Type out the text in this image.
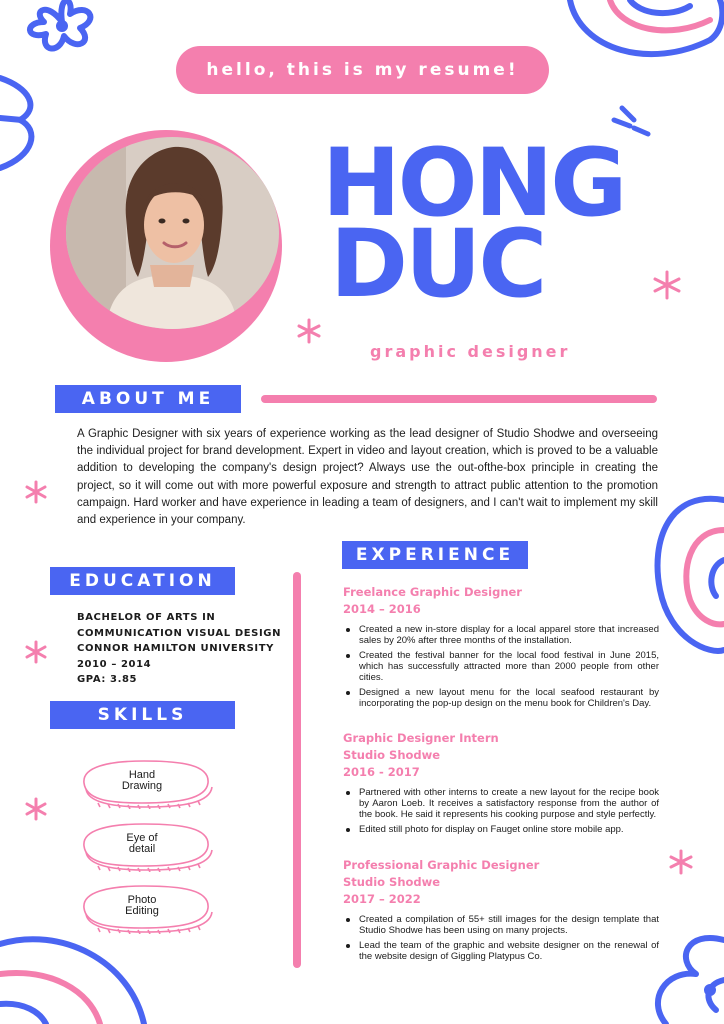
hello, this is my resume!
HONG
DUC
graphic designer
ABOUT ME

A Graphic Designer with six years of experience working as the lead designer of Studio Shodwe and overseeing the individual project for brand development. Expert in video and layout creation, which is proved to be a valuable addition to developing the company's design project? Always use the out-ofthe-box principle in creating the project, so it will come out with more powerful exposure and strength to attract public attention to the promotion campaign. Hard worker and have experience in leading a team of designers, and I can't wait to implement my skill and experience in your company.

EXPERIENCE
EDUCATION
BACHELOR OF ARTS IN
COMMUNICATION VISUAL DESIGN
CONNOR HAMILTON UNIVERSITY
2010 – 2014
GPA: 3.85
SKILLS
Hand
Drawing
Eye of
detail
Photo
Editing
Freelance Graphic Designer
2014 – 2016
Created a new in-store display for a local apparel store that increased sales by 20% after three months of the installation.
Created the festival banner for the local food festival in June 2015, which has successfully attracted more than 2000 people from other cities.
Designed a new layout menu for the local seafood restaurant by incorporating the pop-up design on the menu book for Children's Day.
Graphic Designer Intern
Studio Shodwe
2016 - 2017
Partnered with other interns to create a new layout for the recipe book by Aaron Loeb. It receives a satisfactory response from the author of the book. He said it represents his cooking purpose and style perfectly.
Edited still photo for display on Fauget online store mobile app.
Professional Graphic Designer
Studio Shodwe
2017 – 2022
Created a compilation of 55+ still images for the design template that Studio Shodwe has been using on many projects.
Lead the team of the graphic and website designer on the renewal of the website design of Giggling Platypus Co.
